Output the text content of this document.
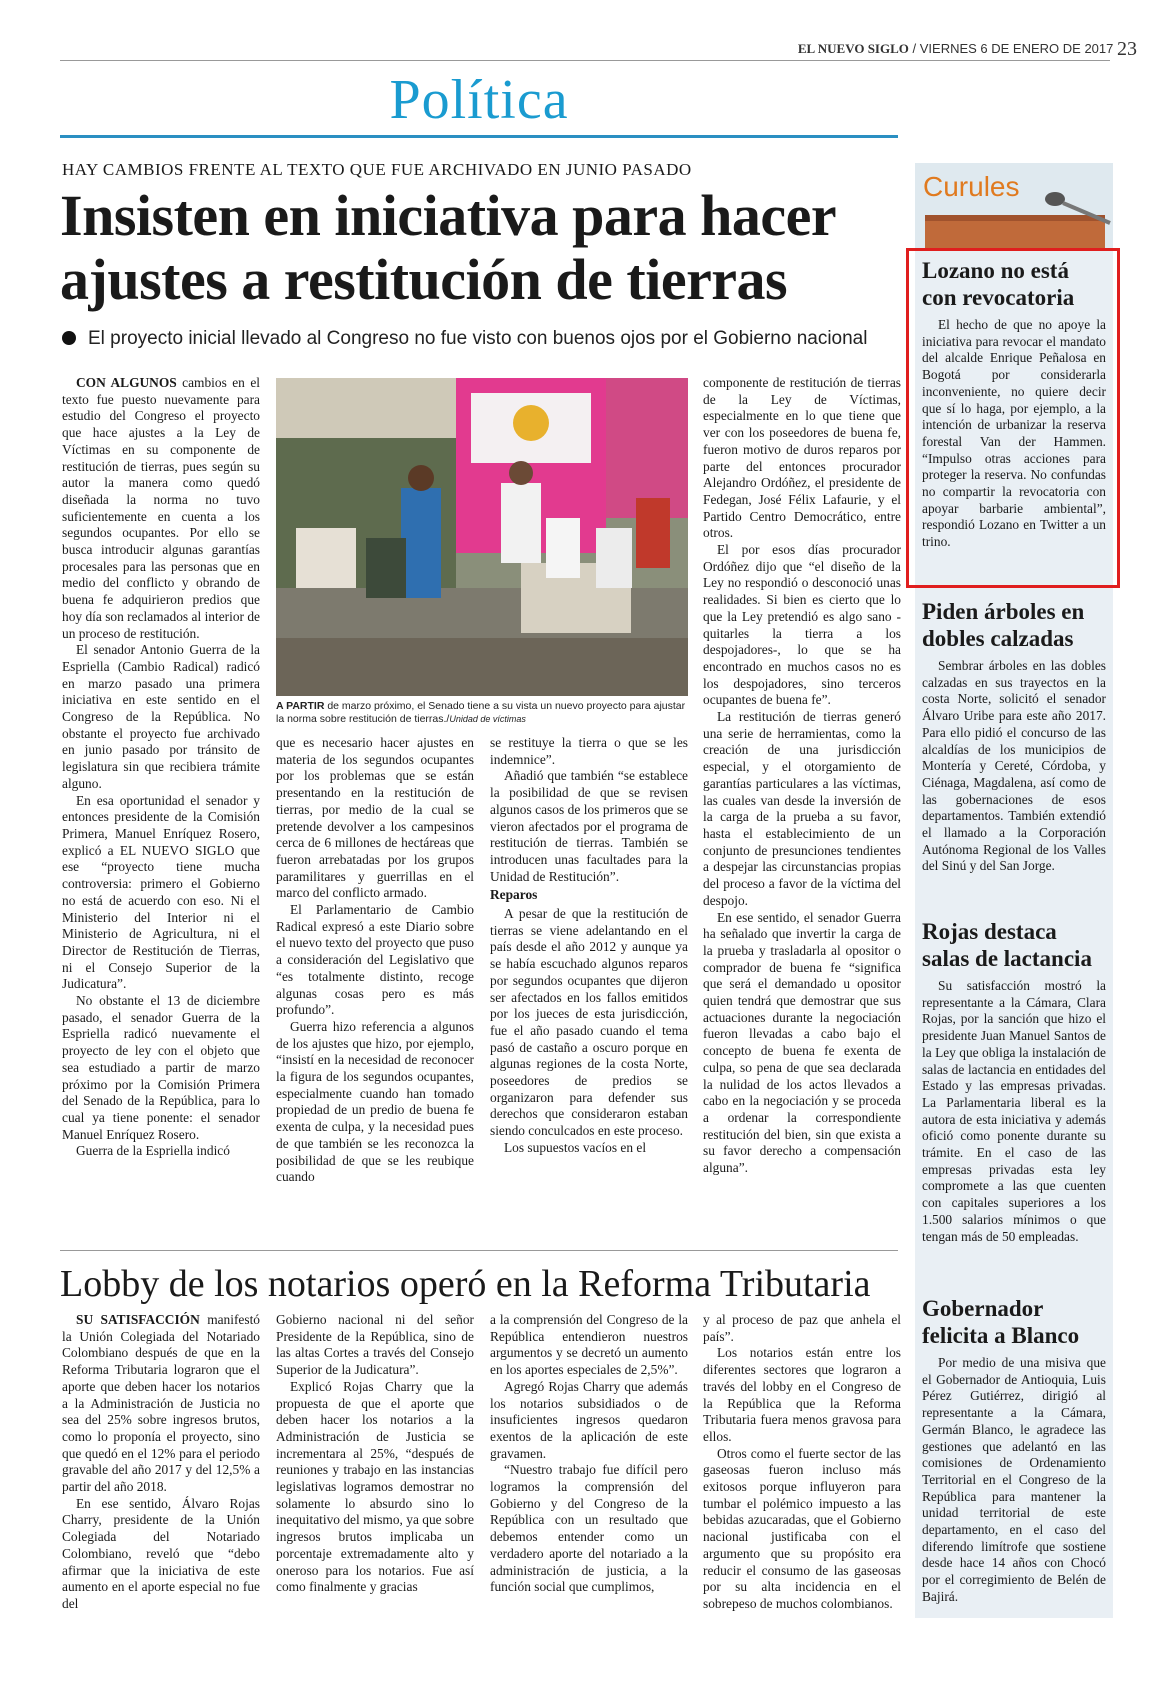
EL NUEVO SIGLO / VIERNES 6 DE ENERO DE 2017 23
Política
HAY CAMBIOS FRENTE AL TEXTO QUE FUE ARCHIVADO EN JUNIO PASADO
Insisten en iniciativa para hacer ajustes a restitución de tierras
El proyecto inicial llevado al Congreso no fue visto con buenos ojos por el Gobierno nacional

CON ALGUNOS cambios en el texto fue puesto nuevamente para estudio del Congreso el proyecto que hace ajustes a la Ley de Víctimas en su componente de restitución de tierras, pues según su autor la manera como quedó diseñada la norma no tuvo suficientemente en cuenta a los segundos ocupantes. Por ello se busca introducir algunas garantías procesales para las personas que en medio del conflicto y obrando de buena fe adquirieron predios que hoy día son reclamados al interior de un proceso de restitución.

El senador Antonio Guerra de la Espriella (Cambio Radical) radicó en marzo pasado una primera iniciativa en este sentido en el Congreso de la República. No obstante el proyecto fue archivado en junio pasado por tránsito de legislatura sin que recibiera trámite alguno.

En esa oportunidad el senador y entonces presidente de la Comisión Primera, Manuel Enríquez Rosero, explicó a EL NUEVO SIGLO que ese “proyecto tiene mucha controversia: primero el Gobierno no está de acuerdo con eso. Ni el Ministerio del Interior ni el Ministerio de Agricultura, ni el Director de Restitución de Tierras, ni el Consejo Superior de la Judicatura”.

No obstante el 13 de diciembre pasado, el senador Guerra de la Espriella radicó nuevamente el proyecto de ley con el objeto que sea estudiado a partir de marzo próximo por la Comisión Primera del Senado de la República, para lo cual ya tiene ponente: el senador Manuel Enríquez Rosero.

Guerra de la Espriella indicó

A PARTIR de marzo próximo, el Senado tiene a su vista un nuevo proyecto para ajustar la norma sobre restitución de tierras./Unidad de víctimas

que es necesario hacer ajustes en materia de los segundos ocupantes por los problemas que se están presentando en la restitución de tierras, por medio de la cual se pretende devolver a los campesinos cerca de 6 millones de hectáreas que fueron arrebatadas por los grupos paramilitares y guerrillas en el marco del conflicto armado.

El Parlamentario de Cambio Radical expresó a este Diario sobre el nuevo texto del proyecto que puso a consideración del Legislativo que “es totalmente distinto, recoge algunas cosas pero es más profundo”.

Guerra hizo referencia a algunos de los ajustes que hizo, por ejemplo, “insistí en la necesidad de reconocer la figura de los segundos ocupantes, especialmente cuando han tomado propiedad de un predio de buena fe exenta de culpa, y la necesidad pues de que también se les reconozca la posibilidad de que se les reubique cuando

se restituye la tierra o que se les indemnice”.

Añadió que también “se establece la posibilidad de que se revisen algunos casos de los primeros que se vieron afectados por el programa de restitución de tierras. También se introducen unas facultades para la Unidad de Restitución”.

Reparos

A pesar de que la restitución de tierras se viene adelantando en el país desde el año 2012 y aunque ya se había escuchado algunos reparos por segundos ocupantes que dijeron ser afectados en los fallos emitidos por los jueces de esta jurisdicción, fue el año pasado cuando el tema pasó de castaño a oscuro porque en algunas regiones de la costa Norte, poseedores de predios se organizaron para defender sus derechos que consideraron estaban siendo conculcados en este proceso.

Los supuestos vacíos en el

componente de restitución de tierras de la Ley de Víctimas, especialmente en lo que tiene que ver con los poseedores de buena fe, fueron motivo de duros reparos por parte del entonces procurador Alejandro Ordóñez, el presidente de Fedegan, José Félix Lafaurie, y el Partido Centro Democrático, entre otros.

El por esos días procurador Ordóñez dijo que “el diseño de la Ley no respondió o desconoció unas realidades. Si bien es cierto que lo que la Ley pretendió es algo sano -quitarles la tierra a los despojadores-, lo que se ha encontrado en muchos casos no es los despojadores, sino terceros ocupantes de buena fe”.

La restitución de tierras generó una serie de herramientas, como la creación de una jurisdicción especial, y el otorgamiento de garantías particulares a las víctimas, las cuales van desde la inversión de la carga de la prueba a su favor, hasta el establecimiento de un conjunto de presunciones tendientes a despejar las circunstancias propias del proceso a favor de la víctima del despojo.

En ese sentido, el senador Guerra ha señalado que invertir la carga de la prueba y trasladarla al opositor o comprador de buena fe “significa que será el demandado u opositor quien tendrá que demostrar que sus actuaciones durante la negociación fueron llevadas a cabo bajo el concepto de buena fe exenta de culpa, so pena de que sea declarada la nulidad de los actos llevados a cabo en la negociación y se proceda a ordenar la correspondiente restitución del bien, sin que exista a su favor derecho a compensación alguna”.

Lobby de los notarios operó en la Reforma Tributaria

SU SATISFACCIÓN manifestó la Unión Colegiada del Notariado Colombiano después de que en la Reforma Tributaria lograron que el aporte que deben hacer los notarios a la Administración de Justicia no sea del 25% sobre ingresos brutos, como lo proponía el proyecto, sino que quedó en el 12% para el periodo gravable del año 2017 y del 12,5% a partir del año 2018.

En ese sentido, Álvaro Rojas Charry, presidente de la Unión Colegiada del Notariado Colombiano, reveló que “debo afirmar que la iniciativa de este aumento en el aporte especial no fue del

Gobierno nacional ni del señor Presidente de la República, sino de las altas Cortes a través del Consejo Superior de la Judicatura”.

Explicó Rojas Charry que la propuesta de que el aporte que deben hacer los notarios a la Administración de Justicia se incrementara al 25%, “después de reuniones y trabajo en las instancias legislativas logramos demostrar no solamente lo absurdo sino lo inequitativo del mismo, ya que sobre ingresos brutos implicaba un porcentaje extremadamente alto y oneroso para los notarios. Fue así como finalmente y gracias

a la comprensión del Congreso de la República entendieron nuestros argumentos y se decretó un aumento en los aportes especiales de 2,5%”.

Agregó Rojas Charry que además los notarios subsidiados o de insuficientes ingresos quedaron exentos de la aplicación de este gravamen.

“Nuestro trabajo fue difícil pero logramos la comprensión del Gobierno y del Congreso de la República con un resultado que debemos entender como un verdadero aporte del notariado a la administración de justicia, a la función social que cumplimos,

y al proceso de paz que anhela el país”.

Los notarios están entre los diferentes sectores que lograron a través del lobby en el Congreso de la República que la Reforma Tributaria fuera menos gravosa para ellos.

Otros como el fuerte sector de las gaseosas fueron incluso más exitosos porque influyeron para tumbar el polémico impuesto a las bebidas azucaradas, que el Gobierno nacional justificaba con el argumento que su propósito era reducir el consumo de las gaseosas por su alta incidencia en el sobrepeso de muchos colombianos.

Curules
Lozano no está con revocatoria

El hecho de que no apoye la iniciativa para revocar el mandato del alcalde Enrique Peñalosa en Bogotá por considerarla inconveniente, no quiere decir que sí lo haga, por ejemplo, a la intención de urbanizar la reserva forestal Van der Hammen. “Impulso otras acciones para proteger la reserva. No confundas no compartir la revocatoria con apoyar barbarie ambiental”, respondió Lozano en Twitter a un trino.

Piden árboles en dobles calzadas

Sembrar árboles en las dobles calzadas en sus trayectos en la costa Norte, solicitó el senador Álvaro Uribe para este año 2017. Para ello pidió el concurso de las alcaldías de los municipios de Montería y Cereté, Córdoba, y Ciénaga, Magdalena, así como de las gobernaciones de esos departamentos. También extendió el llamado a la Corporación Autónoma Regional de los Valles del Sinú y del San Jorge.

Rojas destaca salas de lactancia

Su satisfacción mostró la representante a la Cámara, Clara Rojas, por la sanción que hizo el presidente Juan Manuel Santos de la Ley que obliga la instalación de salas de lactancia en entidades del Estado y las empresas privadas. La Parlamentaria liberal es la autora de esta iniciativa y además ofició como ponente durante su trámite. En el caso de las empresas privadas esta ley compromete a las que cuenten con capitales superiores a los 1.500 salarios mínimos o que tengan más de 50 empleadas.

Gobernador felicita a Blanco

Por medio de una misiva que el Gobernador de Antioquia, Luis Pérez Gutiérrez, dirigió al representante a la Cámara, Germán Blanco, le agradece las gestiones que adelantó en las comisiones de Ordenamiento Territorial en el Congreso de la República para mantener la unidad territorial de este departamento, en el caso del diferendo limítrofe que sostiene desde hace 14 años con Chocó por el corregimiento de Belén de Bajirá.
